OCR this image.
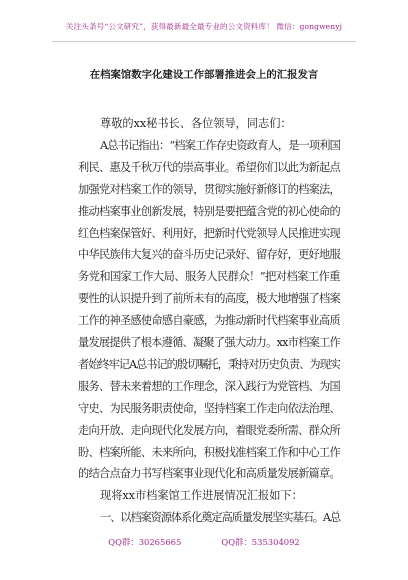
关注头条号“公文研究”，获得最新最全最专业的公文资料库！ 微信：gongwenyj
在档案馆数字化建设工作部署推进会上的汇报发言
尊敬的xx秘书长、各位领导，同志们：
A总书记指出：“档案工作存史资政育人，是一项利国
利民、惠及千秋万代的崇高事业。希望你们以此为新起点
加强党对档案工作的领导，贯彻实施好新修订的档案法，
推动档案事业创新发展，特别是要把蕴含党的初心使命的
红色档案保管好、利用好，把新时代党领导人民推进实现
中华民族伟大复兴的奋斗历史记录好、留存好，更好地服
务党和国家工作大局、服务人民群众！”把对档案工作重
要性的认识提升到了前所未有的高度，极大地增强了档案
工作的神圣感使命感自豪感，为推动新时代档案事业高质
量发展提供了根本遵循、凝聚了强大动力。xx市档案工作
者始终牢记A总书记的殷切嘱托，秉持对历史负责、为现实
服务、替未来着想的工作理念，深入践行为党管档、为国
守史、为民服务职责使命，坚持档案工作走向依法治理、
走向开放、走向现代化发展方向，着眼党委所需、群众所
盼、档案所能、未来所向，积极找准档案工作和中心工作
的结合点奋力书写档案事业现代化和高质量发展新篇章。
现将xx市档案馆工作进展情况汇报如下：
一、以档案资源体系化奠定高质量发展坚实基石。A总
QQ群：30265665	QQ群：535304092
